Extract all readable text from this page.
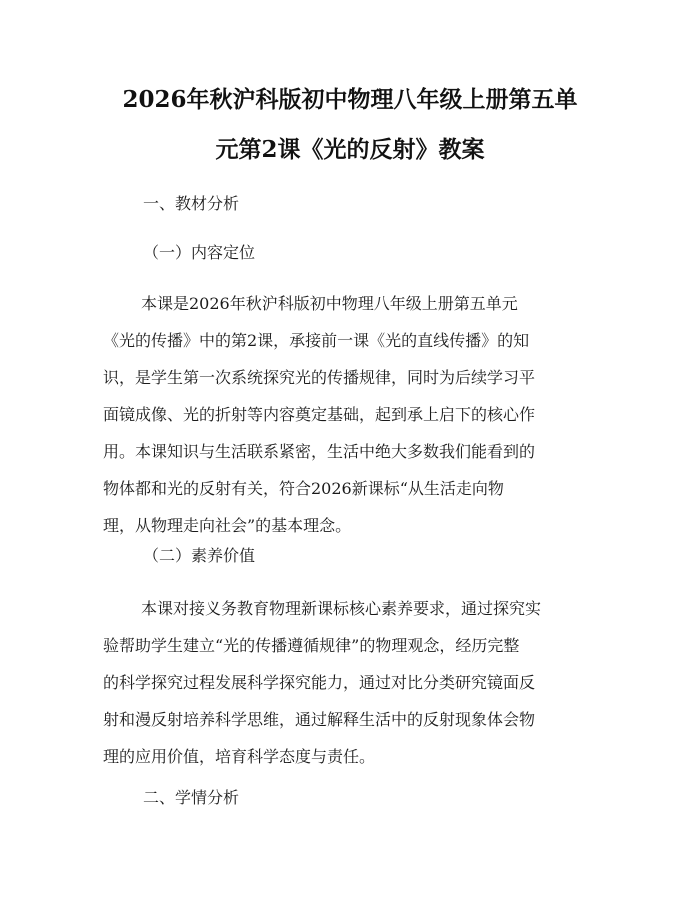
2026年秋沪科版初中物理八年级上册第五单
元第2课《光的反射》教案
一、教材分析
（一）内容定位
本课是2026年秋沪科版初中物理八年级上册第五单元
《光的传播》中的第2课，承接前一课《光的直线传播》的知
识，是学生第一次系统探究光的传播规律，同时为后续学习平
面镜成像、光的折射等内容奠定基础，起到承上启下的核心作
用。本课知识与生活联系紧密，生活中绝大多数我们能看到的
物体都和光的反射有关，符合2026新课标“从生活走向物
理，从物理走向社会”的基本理念。
（二）素养价值
本课对接义务教育物理新课标核心素养要求，通过探究实
验帮助学生建立“光的传播遵循规律”的物理观念，经历完整
的科学探究过程发展科学探究能力，通过对比分类研究镜面反
射和漫反射培养科学思维，通过解释生活中的反射现象体会物
理的应用价值，培育科学态度与责任。
二、学情分析
